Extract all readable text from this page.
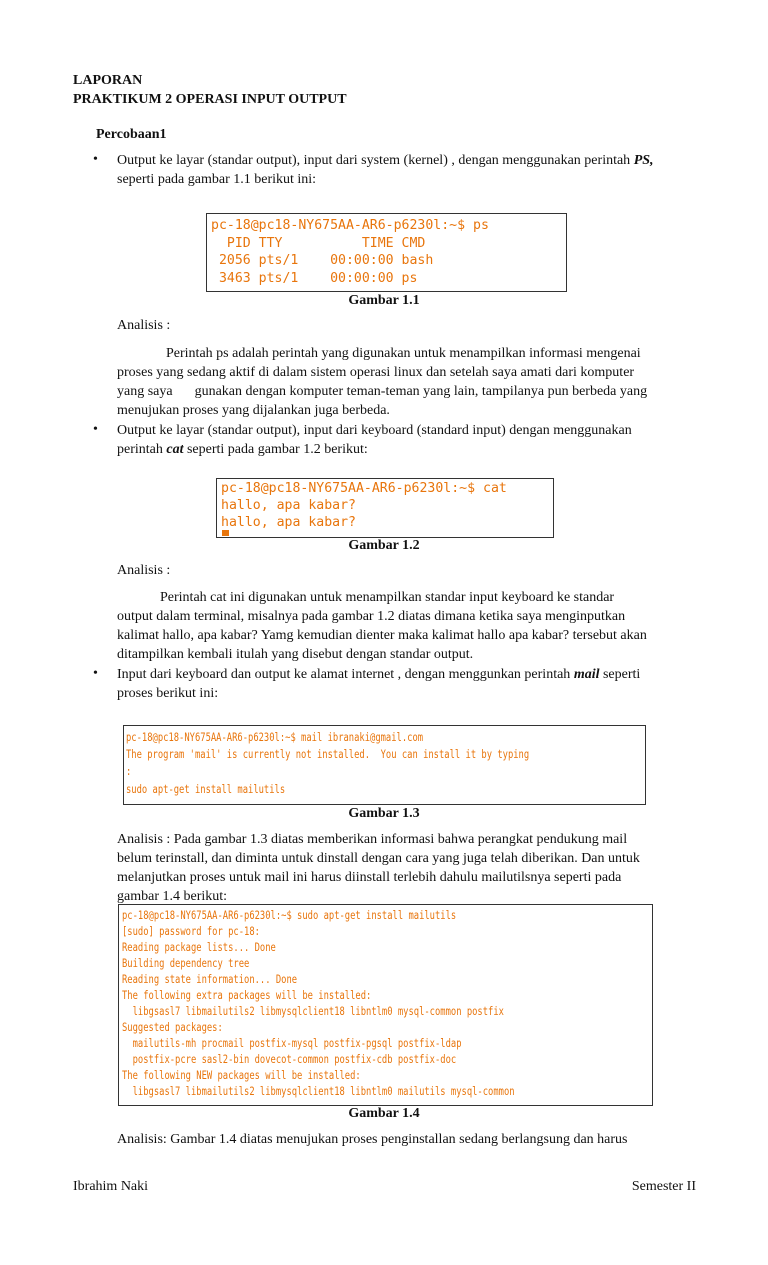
LAPORAN
PRAKTIKUM 2 OPERASI INPUT OUTPUT
Percobaan1
• Output ke layar (standar output), input dari system (kernel) , dengan menggunakan perintah PS,
seperti pada gambar 1.1 berikut ini:
pc-18@pc18-NY675AA-AR6-p6230l:~$ ps
PID TTY          TIME CMD
2056 pts/1    00:00:00 bash
3463 pts/1    00:00:00 ps
Gambar 1.1
Analisis :
Perintah ps adalah perintah yang digunakan untuk menampilkan informasi mengenai
proses yang sedang aktif di dalam sistem operasi linux dan setelah saya amati dari komputer
yang saya gunakan dengan komputer teman-teman yang lain, tampilanya pun berbeda yang
menujukan proses yang dijalankan juga berbeda.
• Output ke layar (standar output), input dari keyboard (standard input) dengan menggunakan
perintah cat seperti pada gambar 1.2 berikut:
pc-18@pc18-NY675AA-AR6-p6230l:~$ cat
hallo, apa kabar?
hallo, apa kabar?
Gambar 1.2
Analisis :
Perintah cat ini digunakan untuk menampilkan standar input keyboard ke standar
output dalam terminal, misalnya pada gambar 1.2 diatas dimana ketika saya menginputkan
kalimat hallo, apa kabar? Yamg kemudian dienter maka kalimat hallo apa kabar? tersebut akan
ditampilkan kembali itulah yang disebut dengan standar output.
• Input dari keyboard dan output ke alamat internet , dengan menggunkan perintah mail seperti
proses berikut ini:
pc-18@pc18-NY675AA-AR6-p6230l:~$ mail ibranaki@gmail.com
The program 'mail' is currently not installed.  You can install it by typing
:
sudo apt-get install mailutils
Gambar 1.3
Analisis : Pada gambar 1.3 diatas memberikan informasi bahwa perangkat pendukung mail
belum terinstall, dan diminta untuk dinstall dengan cara yang juga telah diberikan. Dan untuk
melanjutkan proses untuk mail ini harus diinstall terlebih dahulu mailutilsnya seperti pada
gambar 1.4 berikut:
pc-18@pc18-NY675AA-AR6-p6230l:~$ sudo apt-get install mailutils
[sudo] password for pc-18:
Reading package lists... Done
Building dependency tree
Reading state information... Done
The following extra packages will be installed:
libgsasl7 libmailutils2 libmysqlclient18 libntlm0 mysql-common postfix
Suggested packages:
mailutils-mh procmail postfix-mysql postfix-pgsql postfix-ldap
postfix-pcre sasl2-bin dovecot-common postfix-cdb postfix-doc
The following NEW packages will be installed:
libgsasl7 libmailutils2 libmysqlclient18 libntlm0 mailutils mysql-common
Gambar 1.4
Analisis: Gambar 1.4 diatas menujukan proses penginstallan sedang berlangsung dan harus
Ibrahim Naki	Semester II
